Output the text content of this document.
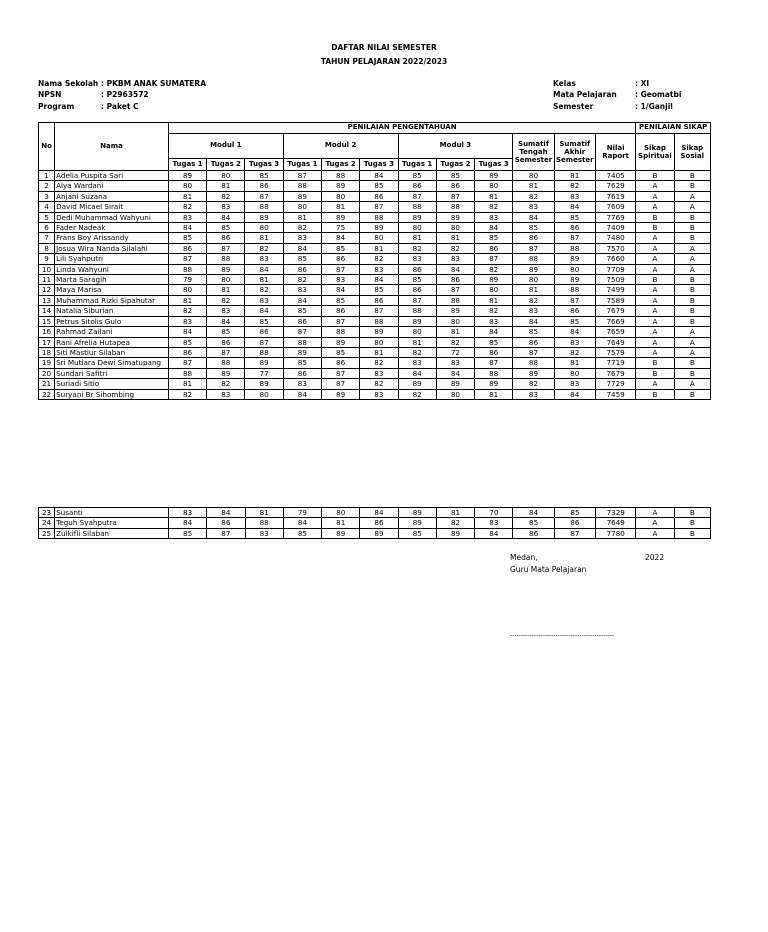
DAFTAR NILAI SEMESTER
TAHUN PELAJARAN 2022/2023
Nama Sekolah : PKBM ANAK SUMATERA
NPSN	: P2963572
Program	: Paket C
Kelas	: XI
Mata Pelajaran : Geomatbi
Semester	: 1/Ganjil
No	Nama	PENILAIAN PENGENTAHUAN												PENILAIAN SIKAP	
		Modul 1			Modul 2			Modul 3			Sumatif Tengah Semester	Sumatif Akhir Semester	Nilai Raport	Sikap Spiritual	Sikap Sosial
		Tugas 1	Tugas 2	Tugas 3	Tugas 1	Tugas 2	Tugas 3	Tugas 1	Tugas 2	Tugas 3					
1	Adelia Puspita Sari	89	80	85	87	88	84	85	85	89	80	81	7405	B	B
2	Alya Wardani	80	81	86	88	89	85	86	86	80	81	82	7629	A	B
3	Anjani Suzana	81	82	87	89	80	86	87	87	81	82	83	7619	A	A
4	David Micael Sirait	82	83	88	80	81	87	88	88	82	83	84	7609	A	A
5	Dedi Muhammad Wahyuni	83	84	89	81	89	88	89	89	83	84	85	7769	B	B
6	Fader Nadeak	84	85	80	82	75	89	80	80	84	85	86	7409	B	B
7	Frans Boy Arissandy	85	86	81	83	84	80	81	81	85	86	87	7480	A	B
8	Josua Wira Nanda Silalahi	86	87	82	84	85	81	82	82	86	87	88	7570	A	A
9	Lili Syahputri	87	88	83	85	86	82	83	83	87	88	89	7660	A	A
10	Linda Wahyuni	88	89	84	86	87	83	86	84	82	89	80	7709	A	A
11	Marta Saragih	79	80	81	82	83	84	85	86	89	80	89	7509	B	B
12	Maya Marisa	80	81	82	83	84	85	86	87	80	81	88	7499	A	B
13	Muhammad Rizki Sipahutar	81	82	83	84	85	86	87	88	81	82	87	7589	A	B
14	Natalia Siburian	82	83	84	85	86	87	88	89	82	83	86	7679	A	B
15	Petrus Sitolis Gulo	83	84	85	86	87	88	89	80	83	84	85	7669	A	B
16	Rahmad Zailani	84	85	86	87	88	89	80	81	84	85	84	7659	A	A
17	Rani Afrelia Hutapea	85	86	87	88	89	80	81	82	85	86	83	7649	A	A
18	Siti Mastiur Silaban	86	87	88	89	85	81	82	72	86	87	82	7579	A	A
19	Sri Mutiara Dewi Simatupang	87	88	89	85	86	82	83	83	87	88	81	7719	B	B
20	Sundari Safitri	88	89	77	86	87	83	84	84	88	89	80	7679	B	B
21	Suriadi Sitio	81	82	89	83	87	82	89	89	89	82	83	7729	A	A
22	Suryani Br Sihombing	82	83	80	84	89	83	82	80	81	83	84	7459	B	B
23	Susanti	83	84	81	79	80	84	89	81	70	84	85	7329	A	B
24	Teguh Syahputra	84	86	88	84	81	86	89	82	83	85	86	7649	A	B
25	Zulkifli Silaban	85	87	83	85	89	89	85	89	84	86	87	7780	A	B
Medan,	2022
Guru Mata Pelajaran
------------------------------------------------
